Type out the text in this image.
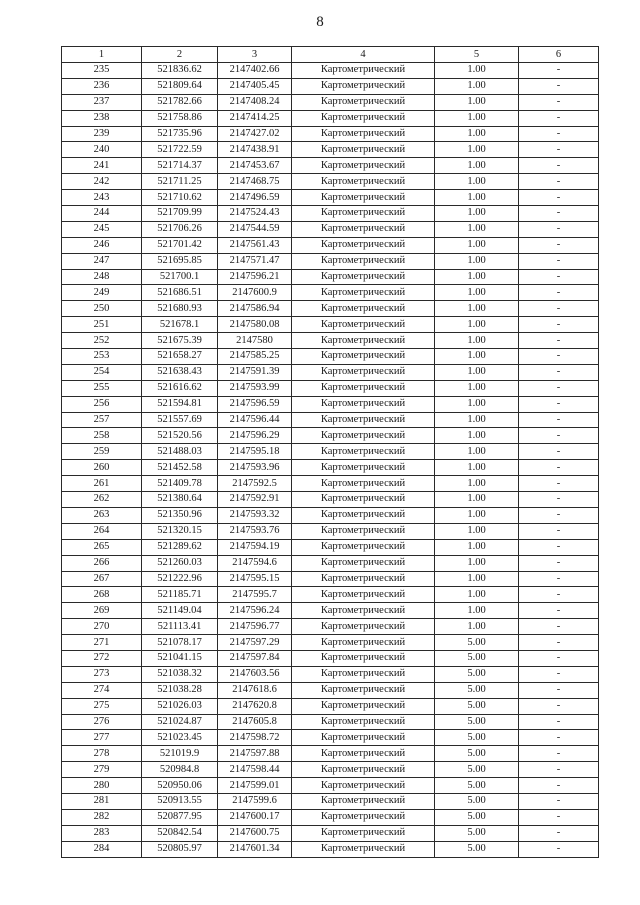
8
1	2	3	4	5	6
235	521836.62	2147402.66	Картометрический	1.00	-
236	521809.64	2147405.45	Картометрический	1.00	-
237	521782.66	2147408.24	Картометрический	1.00	-
238	521758.86	2147414.25	Картометрический	1.00	-
239	521735.96	2147427.02	Картометрический	1.00	-
240	521722.59	2147438.91	Картометрический	1.00	-
241	521714.37	2147453.67	Картометрический	1.00	-
242	521711.25	2147468.75	Картометрический	1.00	-
243	521710.62	2147496.59	Картометрический	1.00	-
244	521709.99	2147524.43	Картометрический	1.00	-
245	521706.26	2147544.59	Картометрический	1.00	-
246	521701.42	2147561.43	Картометрический	1.00	-
247	521695.85	2147571.47	Картометрический	1.00	-
248	521700.1	2147596.21	Картометрический	1.00	-
249	521686.51	2147600.9	Картометрический	1.00	-
250	521680.93	2147586.94	Картометрический	1.00	-
251	521678.1	2147580.08	Картометрический	1.00	-
252	521675.39	2147580	Картометрический	1.00	-
253	521658.27	2147585.25	Картометрический	1.00	-
254	521638.43	2147591.39	Картометрический	1.00	-
255	521616.62	2147593.99	Картометрический	1.00	-
256	521594.81	2147596.59	Картометрический	1.00	-
257	521557.69	2147596.44	Картометрический	1.00	-
258	521520.56	2147596.29	Картометрический	1.00	-
259	521488.03	2147595.18	Картометрический	1.00	-
260	521452.58	2147593.96	Картометрический	1.00	-
261	521409.78	2147592.5	Картометрический	1.00	-
262	521380.64	2147592.91	Картометрический	1.00	-
263	521350.96	2147593.32	Картометрический	1.00	-
264	521320.15	2147593.76	Картометрический	1.00	-
265	521289.62	2147594.19	Картометрический	1.00	-
266	521260.03	2147594.6	Картометрический	1.00	-
267	521222.96	2147595.15	Картометрический	1.00	-
268	521185.71	2147595.7	Картометрический	1.00	-
269	521149.04	2147596.24	Картометрический	1.00	-
270	521113.41	2147596.77	Картометрический	1.00	-
271	521078.17	2147597.29	Картометрический	5.00	-
272	521041.15	2147597.84	Картометрический	5.00	-
273	521038.32	2147603.56	Картометрический	5.00	-
274	521038.28	2147618.6	Картометрический	5.00	-
275	521026.03	2147620.8	Картометрический	5.00	-
276	521024.87	2147605.8	Картометрический	5.00	-
277	521023.45	2147598.72	Картометрический	5.00	-
278	521019.9	2147597.88	Картометрический	5.00	-
279	520984.8	2147598.44	Картометрический	5.00	-
280	520950.06	2147599.01	Картометрический	5.00	-
281	520913.55	2147599.6	Картометрический	5.00	-
282	520877.95	2147600.17	Картометрический	5.00	-
283	520842.54	2147600.75	Картометрический	5.00	-
284	520805.97	2147601.34	Картометрический	5.00	-
